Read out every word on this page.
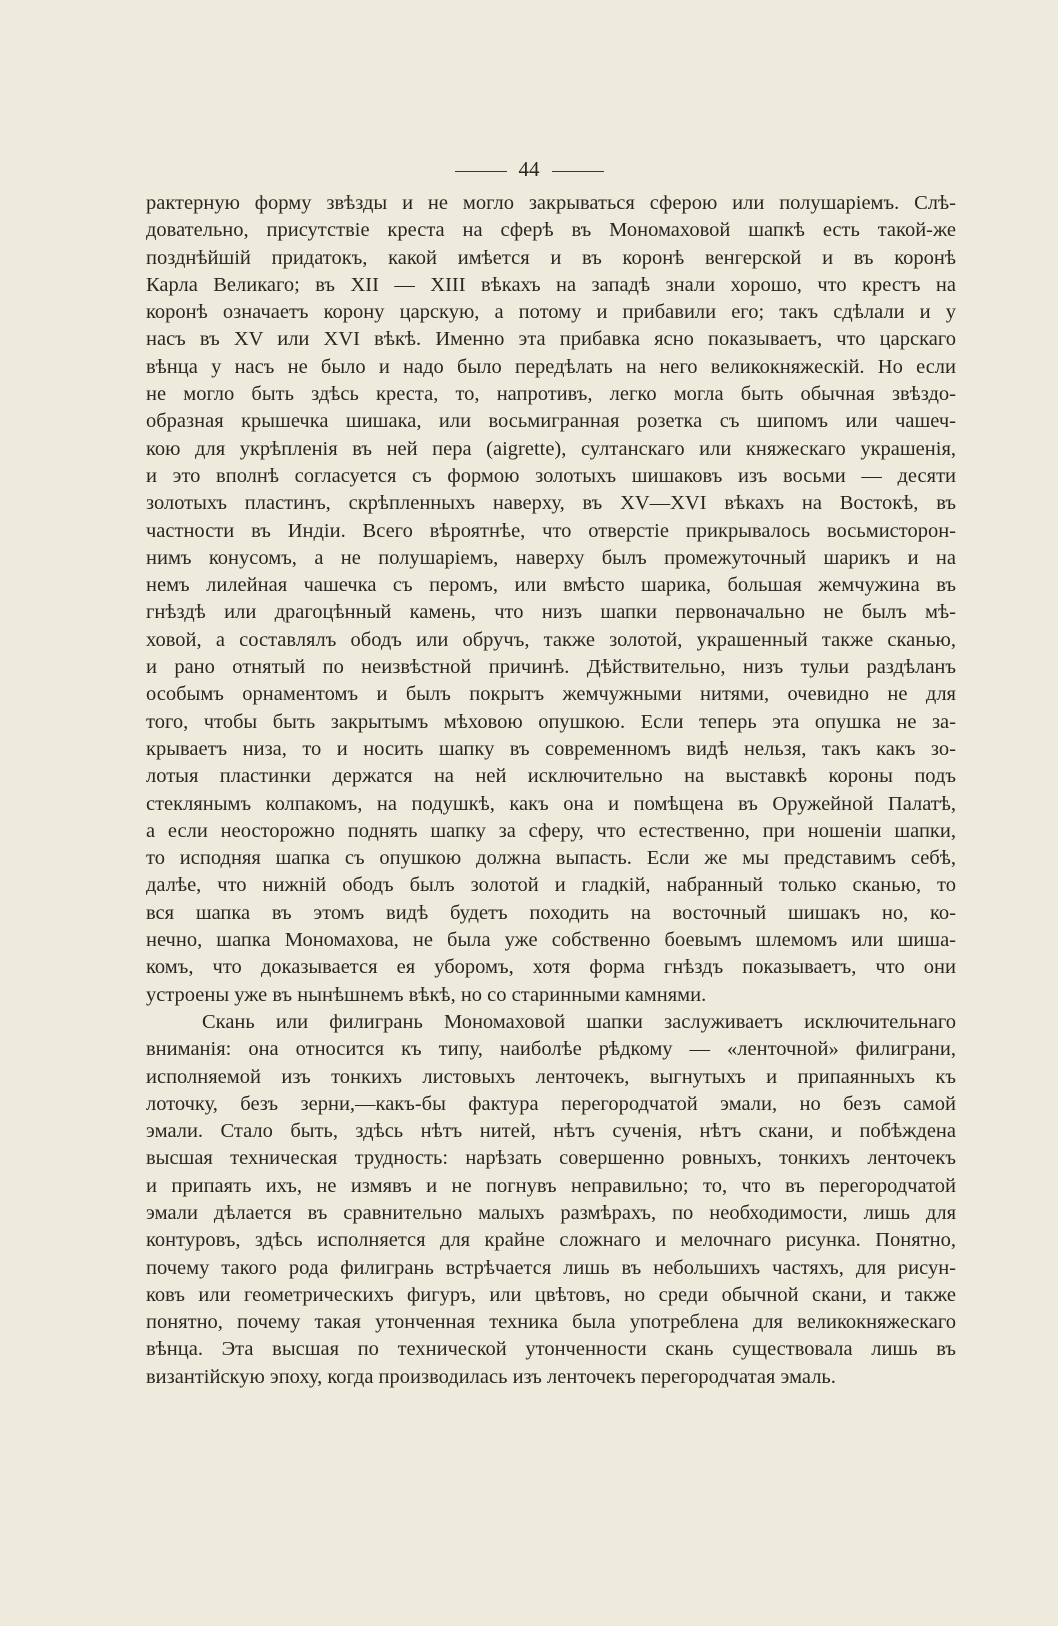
44
рактерную форму звѣзды и не могло закрываться сферою или полушаріемъ. Слѣ-
довательно, присутствіе креста на сферѣ въ Мономаховой шапкѣ есть такой-же
позднѣйшій придатокъ, какой имѣется и въ коронѣ венгерской и въ коронѣ
Карла Великаго; въ XII — XIII вѣкахъ на западѣ знали хорошо, что крестъ на
коронѣ означаетъ корону царскую, а потому и прибавили его; такъ сдѣлали и у
насъ въ XV или XVI вѣкѣ. Именно эта прибавка ясно показываетъ, что царскаго
вѣнца у насъ не было и надо было передѣлать на него великокняжескій. Но если
не могло быть здѣсь креста, то, напротивъ, легко могла быть обычная звѣздо-
образная крышечка шишака, или восьмигранная розетка съ шипомъ или чашеч-
кою для укрѣпленія въ ней пера (aigrette), султанскаго или княжескаго украшенія,
и это вполнѣ согласуется съ формою золотыхъ шишаковъ изъ восьми — десяти
золотыхъ пластинъ, скрѣпленныхъ наверху, въ XV—XVI вѣкахъ на Востокѣ, въ
частности въ Индіи. Всего вѣроятнѣе, что отверстіе прикрывалось восьмисторон-
нимъ конусомъ, а не полушаріемъ, наверху былъ промежуточный шарикъ и на
немъ лилейная чашечка съ перомъ, или вмѣсто шарика, большая жемчужина въ
гнѣздѣ или драгоцѣнный камень, что низъ шапки первоначально не былъ мѣ-
ховой, а составлялъ ободъ или обручъ, также золотой, украшенный также сканью,
и рано отнятый по неизвѣстной причинѣ. Дѣйствительно, низъ тульи раздѣланъ
особымъ орнаментомъ и былъ покрытъ жемчужными нитями, очевидно не для
того, чтобы быть закрытымъ мѣховою опушкою. Если теперь эта опушка не за-
крываетъ низа, то и носить шапку въ современномъ видѣ нельзя, такъ какъ зо-
лотыя пластинки держатся на ней исключительно на выставкѣ короны подъ
стеклянымъ колпакомъ, на подушкѣ, какъ она и помѣщена въ Оружейной Палатѣ,
а если неосторожно поднять шапку за сферу, что естественно, при ношеніи шапки,
то исподняя шапка съ опушкою должна выпасть. Если же мы представимъ себѣ,
далѣе, что нижній ободъ былъ золотой и гладкій, набранный только сканью, то
вся шапка въ этомъ видѣ будетъ походить на восточный шишакъ но, ко-
нечно, шапка Мономахова, не была уже собственно боевымъ шлемомъ или шиша-
комъ, что доказывается ея уборомъ, хотя форма гнѣздъ показываетъ, что они
устроены уже въ нынѣшнемъ вѣкѣ, но со старинными камнями.
Скань или филигрань Мономаховой шапки заслуживаетъ исключительнаго
вниманія: она относится къ типу, наиболѣе рѣдкому — «ленточной» филиграни,
исполняемой изъ тонкихъ листовыхъ ленточекъ, выгнутыхъ и припаянныхъ къ
лоточку, безъ зерни,—какъ-бы фактура перегородчатой эмали, но безъ самой
эмали. Стало быть, здѣсь нѣтъ нитей, нѣтъ сученія, нѣтъ скани, и побѣждена
высшая техническая трудность: нарѣзать совершенно ровныхъ, тонкихъ ленточекъ
и припаять ихъ, не измявъ и не погнувъ неправильно; то, что въ перегородчатой
эмали дѣлается въ сравнительно малыхъ размѣрахъ, по необходимости, лишь для
контуровъ, здѣсь исполняется для крайне сложнаго и мелочнаго рисунка. Понятно,
почему такого рода филигрань встрѣчается лишь въ небольшихъ частяхъ, для рисун-
ковъ или геометрическихъ фигуръ, или цвѣтовъ, но среди обычной скани, и также
понятно, почему такая утонченная техника была употреблена для великокняжескаго
вѣнца. Эта высшая по технической утонченности скань существовала лишь въ
византійскую эпоху, когда производилась изъ ленточекъ перегородчатая эмаль.
